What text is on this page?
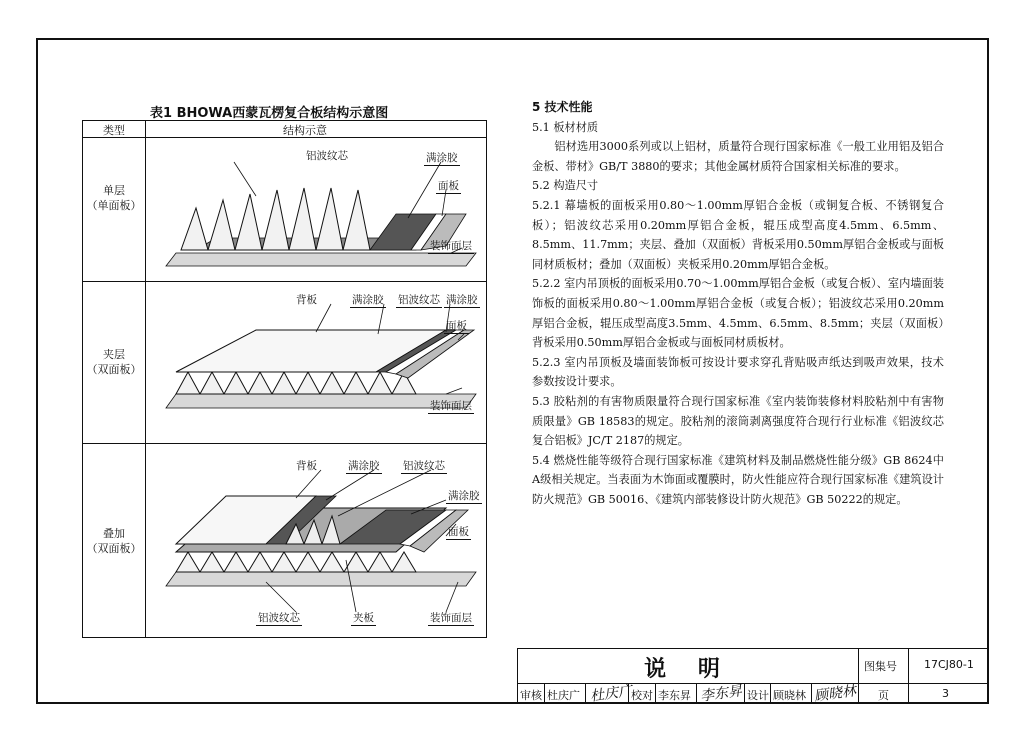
表1 BHOWA西蒙瓦楞复合板结构示意图
类型	结构示意
单层
（单面板）
铝波纹芯	满涂胶
面板
装饰面层
夹层
（双面板）
背板	满涂胶 铝波纹芯 满涂胶
面板
装饰面层
叠加
（双面板）
背板	满涂胶 铝波纹芯
满涂胶
面板
铝波纹芯	夹板	装饰面层

5 技术性能

5.1 板材材质

铝材选用3000系列或以上铝材，质量符合现行国家标准《一般工业用铝及铝合金板、带材》GB/T 3880的要求；其他金属材质符合国家相关标准的要求。

5.2 构造尺寸

5.2.1 幕墙板的面板采用0.80～1.00mm厚铝合金板（或铜复合板、不锈钢复合板）；铝波纹芯采用0.20mm厚铝合金板，辊压成型高度4.5mm、6.5mm、8.5mm、11.7mm；夹层、叠加（双面板）背板采用0.50mm厚铝合金板或与面板同材质板材；叠加（双面板）夹板采用0.20mm厚铝合金板。

5.2.2 室内吊顶板的面板采用0.70～1.00mm厚铝合金板（或复合板）、室内墙面装饰板的面板采用0.80～1.00mm厚铝合金板（或复合板）；铝波纹芯采用0.20mm厚铝合金板，辊压成型高度3.5mm、4.5mm、6.5mm、8.5mm；夹层（双面板）背板采用0.50mm厚铝合金板或与面板同材质板材。

5.2.3 室内吊顶板及墙面装饰板可按设计要求穿孔背贴吸声纸达到吸声效果，技术参数按设计要求。

5.3 胶粘剂的有害物质限量符合现行国家标准《室内装饰装修材料胶粘剂中有害物质限量》GB 18583的规定。胶粘剂的滚筒剥离强度符合现行行业标准《铝波纹芯复合铝板》JC/T 2187的规定。

5.4 燃烧性能等级符合现行国家标准《建筑材料及制品燃烧性能分级》GB 8624中A级相关规定。当表面为木饰面或覆膜时，防火性能应符合现行国家标准《建筑设计防火规范》GB 50016、《建筑内部装修设计防火规范》GB 50222的规定。

说 明	图集号 17CJ80-1
审核 杜庆广 杜庆广
校对 李东昇 李东昇 设计 顾晓林 顾晓林 页	3
